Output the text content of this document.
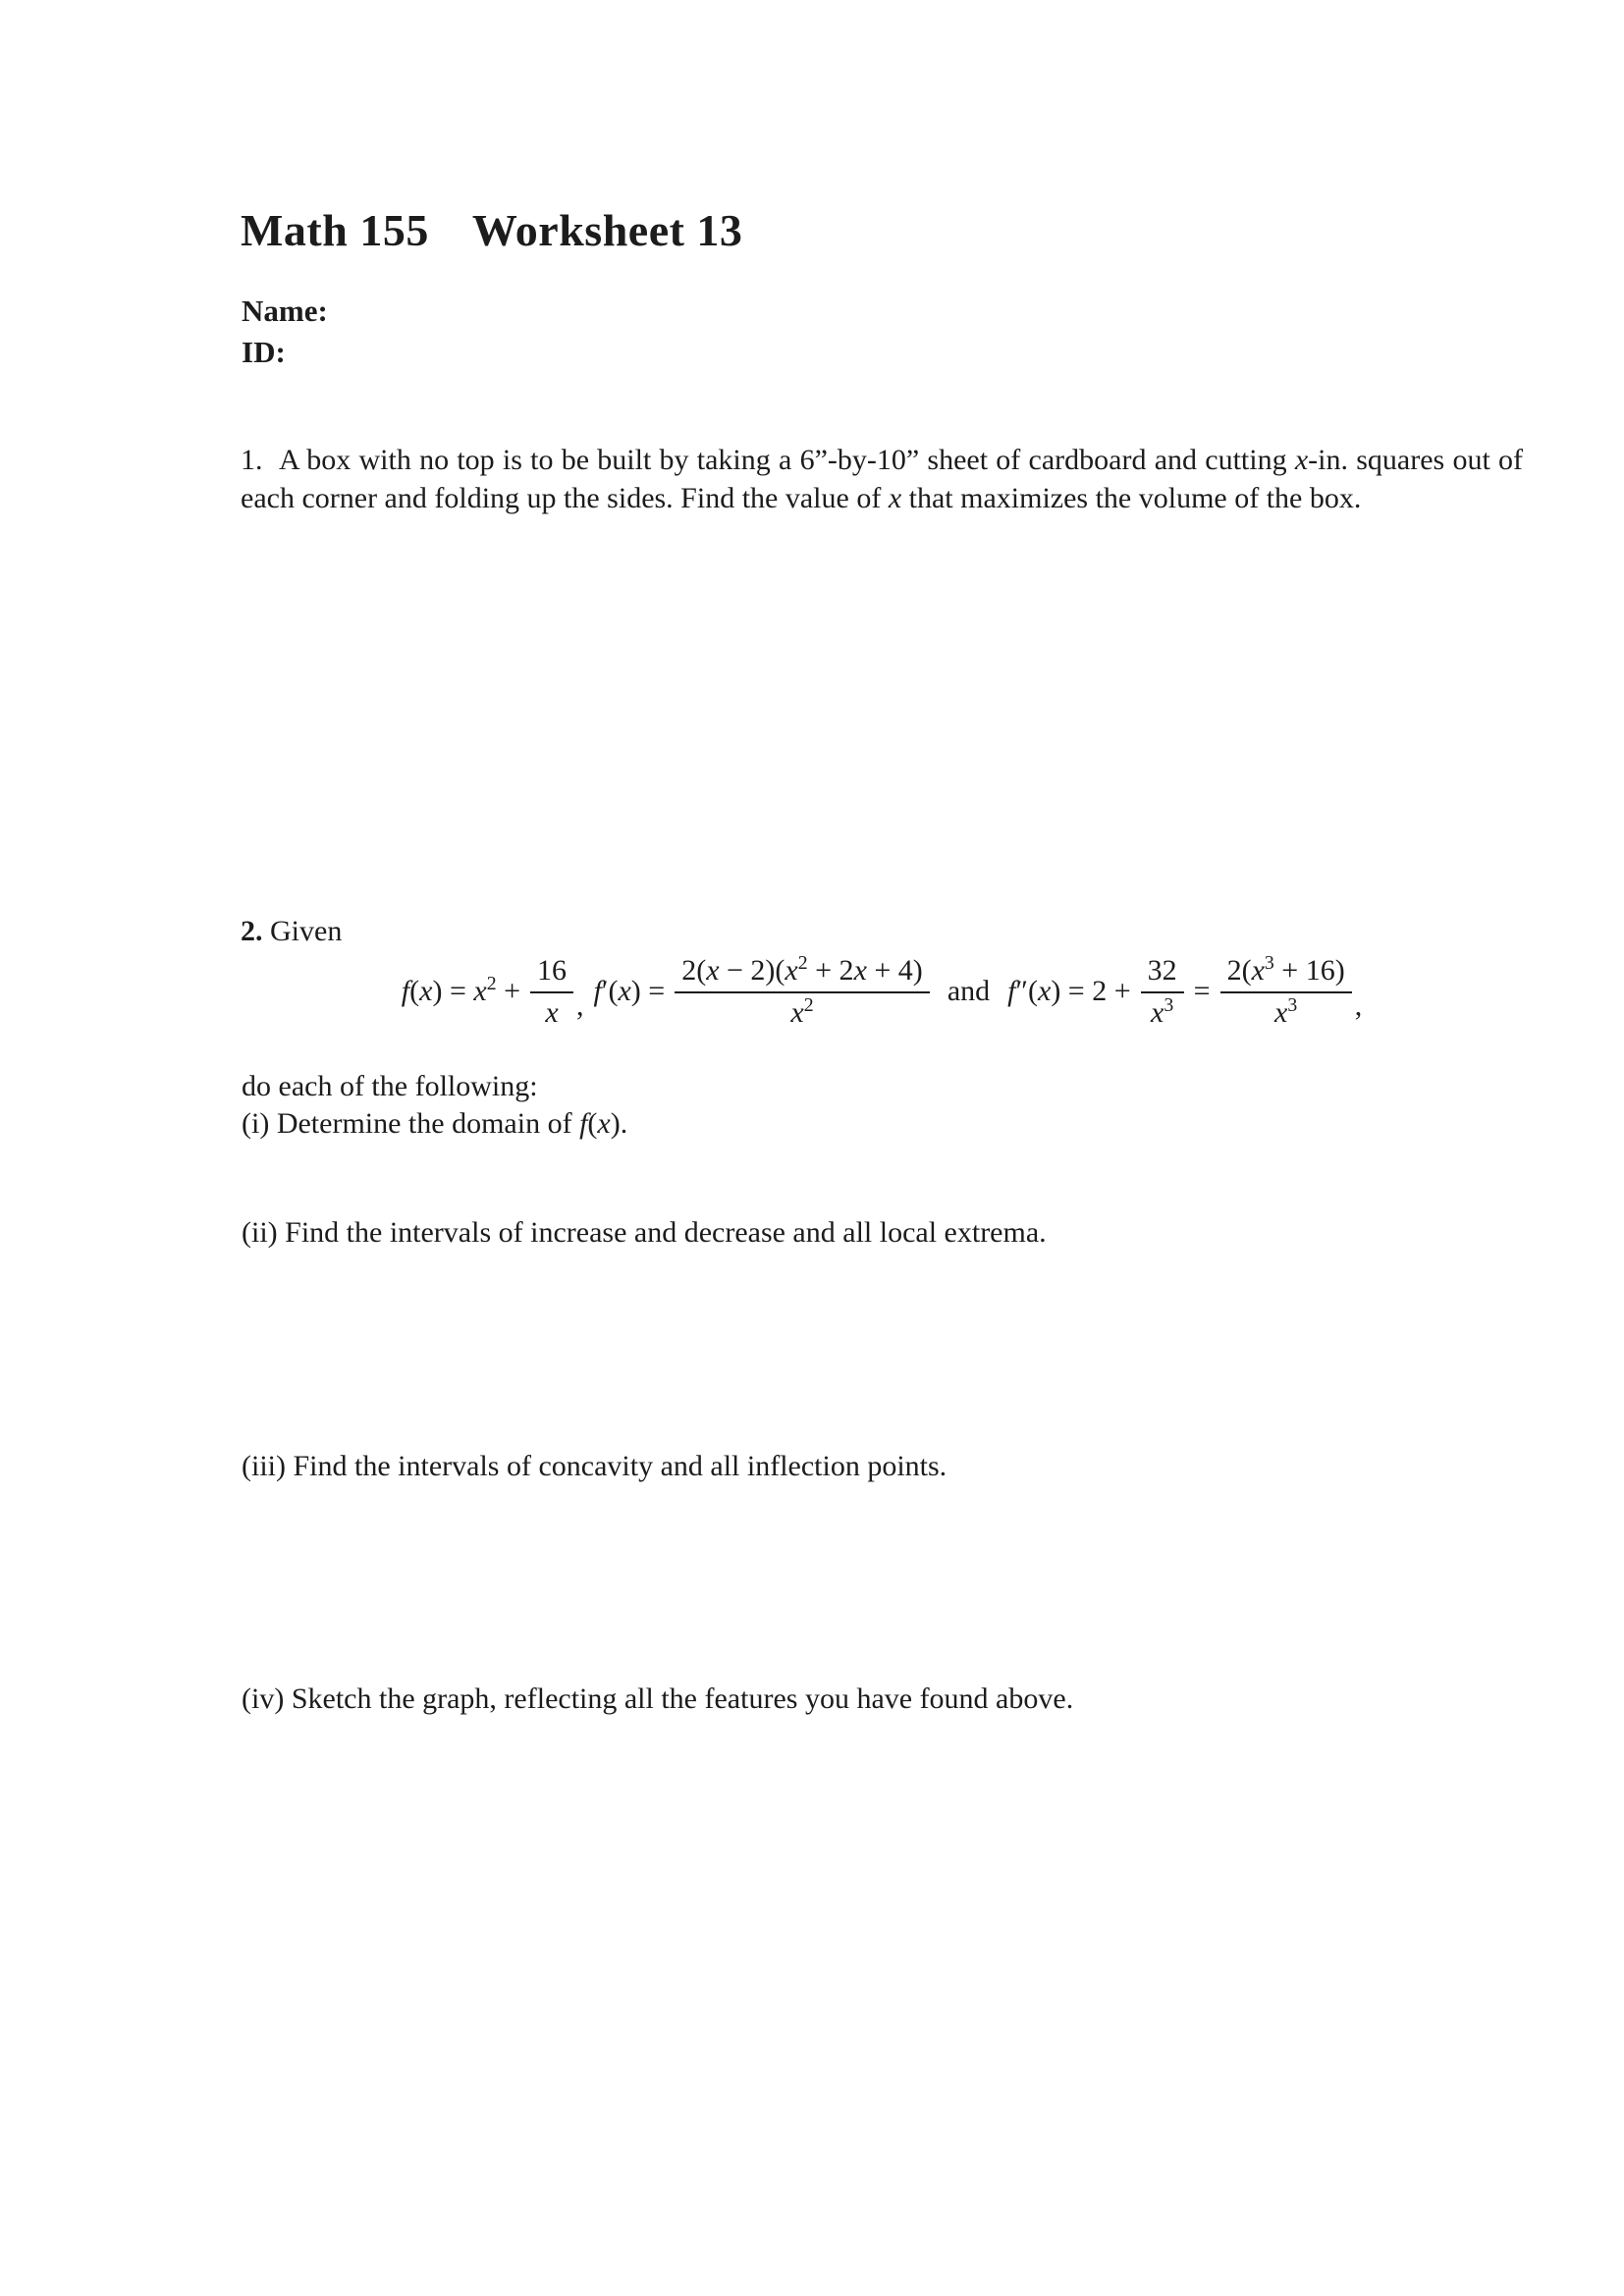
Math 155 Worksheet 13
Name:
ID:

1. A box with no top is to be built by taking a 6”-by-10” sheet of cardboard and cutting x-in. squares out of each corner and folding up the sides. Find the value of x that maximizes the volume of the box.

2. Given
$f(x) = x^2 + \frac{16}{x}$ , $f'(x) = \frac{2(x - 2)(x^2 + 2x + 4)}{x^2}$ and $f''(x) = 2 + \frac{32}{x^3} = \frac{2(x^3 + 16)}{x^3}$ ,
do each of the following:
(i) Determine the domain of f(x).
(ii) Find the intervals of increase and decrease and all local extrema.
(iii) Find the intervals of concavity and all inflection points.
(iv) Sketch the graph, reflecting all the features you have found above.
